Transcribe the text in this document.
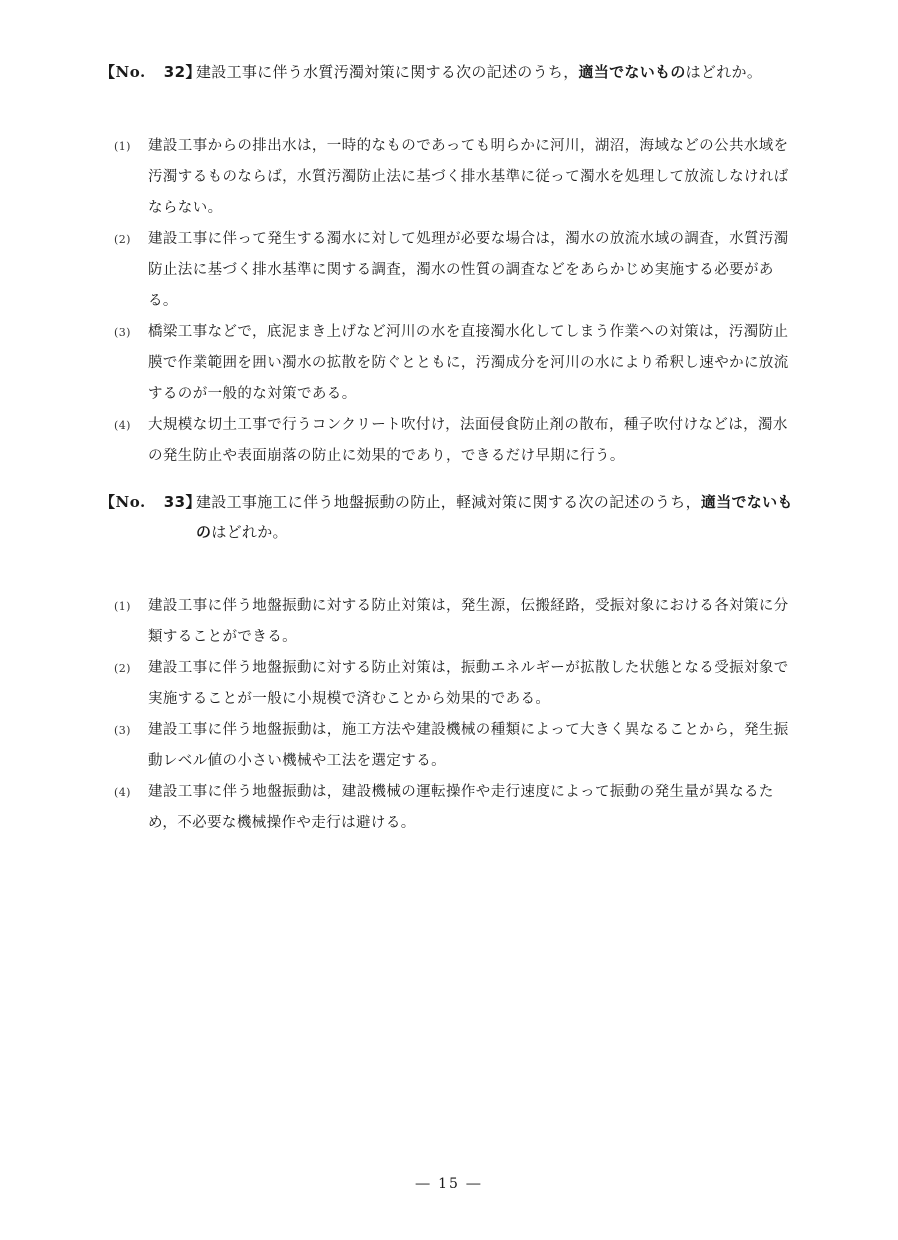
【No. 32】
建設工事に伴う水質汚濁対策に関する次の記述のうち，適当でないものはどれか。
(1)	建設工事からの排出水は，一時的なものであっても明らかに河川，湖沼，海域などの公共水域を汚濁するものならば，水質汚濁防止法に基づく排水基準に従って濁水を処理して放流しなければならない。
(2)	建設工事に伴って発生する濁水に対して処理が必要な場合は，濁水の放流水域の調査，水質汚濁防止法に基づく排水基準に関する調査，濁水の性質の調査などをあらかじめ実施する必要がある。
(3)	橋梁工事などで，底泥まき上げなど河川の水を直接濁水化してしまう作業への対策は，汚濁防止膜で作業範囲を囲い濁水の拡散を防ぐとともに，汚濁成分を河川の水により希釈し速やかに放流するのが一般的な対策である。
(4)	大規模な切土工事で行うコンクリート吹付け，法面侵食防止剤の散布，種子吹付けなどは，濁水の発生防止や表面崩落の防止に効果的であり，できるだけ早期に行う。
【No. 33】
建設工事施工に伴う地盤振動の防止，軽減対策に関する次の記述のうち，適当でないものはどれか。
(1)	建設工事に伴う地盤振動に対する防止対策は，発生源，伝搬経路，受振対象における各対策に分類することができる。
(2)	建設工事に伴う地盤振動に対する防止対策は，振動エネルギーが拡散した状態となる受振対象で実施することが一般に小規模で済むことから効果的である。
(3)	建設工事に伴う地盤振動は，施工方法や建設機械の種類によって大きく異なることから，発生振動レベル値の小さい機械や工法を選定する。
(4)	建設工事に伴う地盤振動は，建設機械の運転操作や走行速度によって振動の発生量が異なるため，不必要な機械操作や走行は避ける。
― 15 ―
